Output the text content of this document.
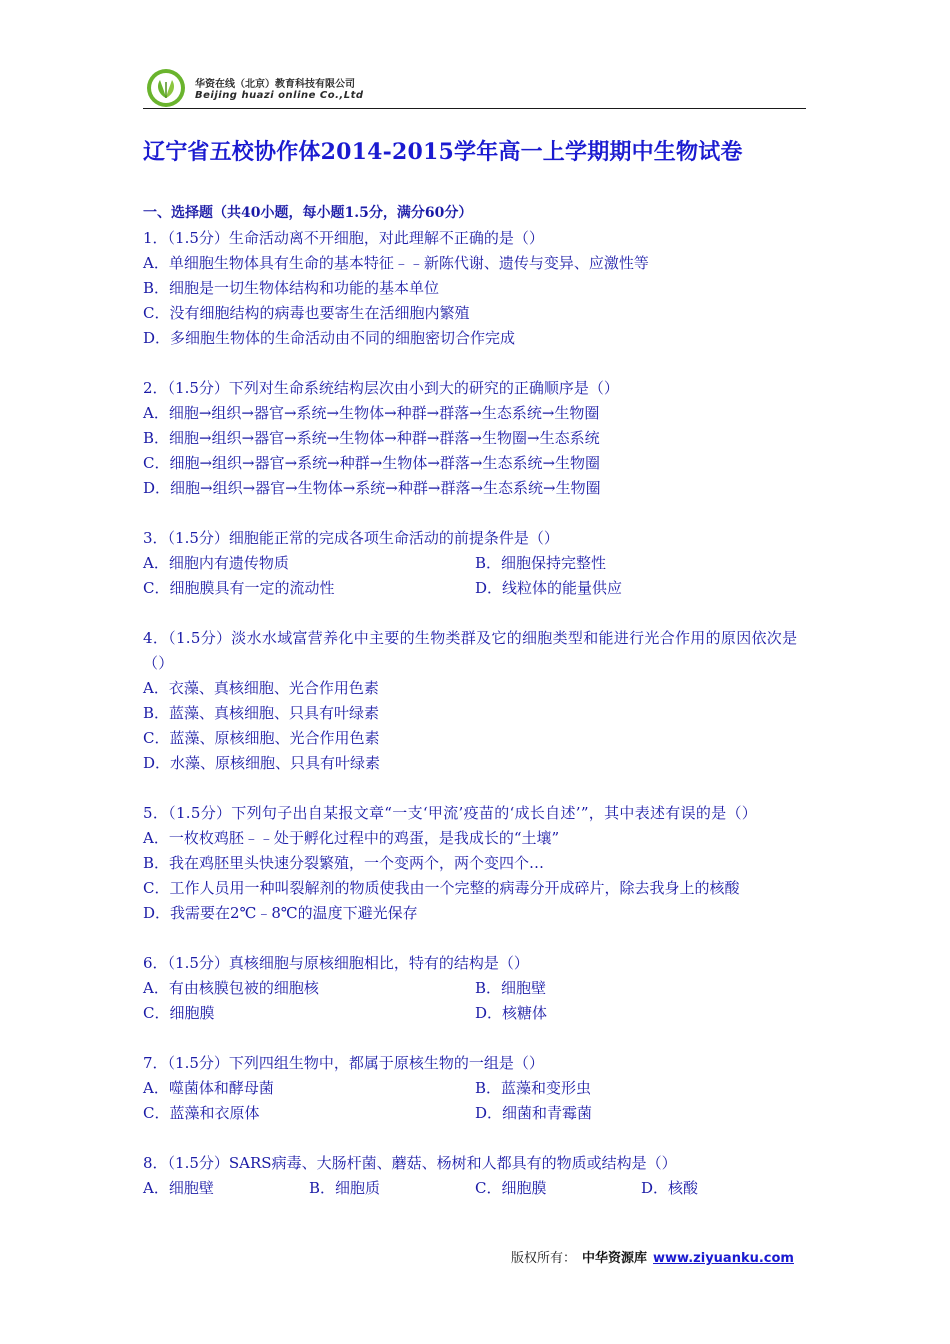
华资在线（北京）教育科技有限公司
Beijing huazi online Co.,Ltd
辽宁省五校协作体2014-2015学年高一上学期期中生物试卷
一、选择题（共40小题，每小题1.5分，满分60分）
1．（1.5分）生命活动离不开细胞，对此理解不正确的是（）
A．单细胞生物体具有生命的基本特征﹣﹣新陈代谢、遗传与变异、应激性等
B．细胞是一切生物体结构和功能的基本单位
C．没有细胞结构的病毒也要寄生在活细胞内繁殖
D．多细胞生物体的生命活动由不同的细胞密切合作完成
2．（1.5分）下列对生命系统结构层次由小到大的研究的正确顺序是（）
A．细胞→组织→器官→系统→生物体→种群→群落→生态系统→生物圈
B．细胞→组织→器官→系统→生物体→种群→群落→生物圈→生态系统
C．细胞→组织→器官→系统→种群→生物体→群落→生态系统→生物圈
D．细胞→组织→器官→生物体→系统→种群→群落→生态系统→生物圈
3．（1.5分）细胞能正常的完成各项生命活动的前提条件是（）
A．细胞内有遗传物质	B．细胞保持完整性
C．细胞膜具有一定的流动性	D．线粒体的能量供应
4．（1.5分）淡水水域富营养化中主要的生物类群及它的细胞类型和能进行光合作用的原因依次是（）
A．衣藻、真核细胞、光合作用色素
B．蓝藻、真核细胞、只具有叶绿素
C．蓝藻、原核细胞、光合作用色素
D．水藻、原核细胞、只具有叶绿素
5．（1.5分）下列句子出自某报文章“一支‘甲流’疫苗的‘成长自述’”，其中表述有误的是（）
A．一枚枚鸡胚﹣﹣处于孵化过程中的鸡蛋，是我成长的“土壤”
B．我在鸡胚里头快速分裂繁殖，一个变两个，两个变四个…
C．工作人员用一种叫裂解剂的物质使我由一个完整的病毒分开成碎片，除去我身上的核酸
D．我需要在2℃﹣8℃的温度下避光保存
6．（1.5分）真核细胞与原核细胞相比，特有的结构是（）
A．有由核膜包被的细胞核	B．细胞壁
C．细胞膜	D．核糖体
7．（1.5分）下列四组生物中，都属于原核生物的一组是（）
A．噬菌体和酵母菌	B．蓝藻和变形虫
C．蓝藻和衣原体	D．细菌和青霉菌
8．（1.5分）SARS病毒、大肠杆菌、蘑菇、杨树和人都具有的物质或结构是（）
A．细胞壁	B．细胞质	C．细胞膜	D．核酸
版权所有： 中华资源库 www.ziyuanku.com
